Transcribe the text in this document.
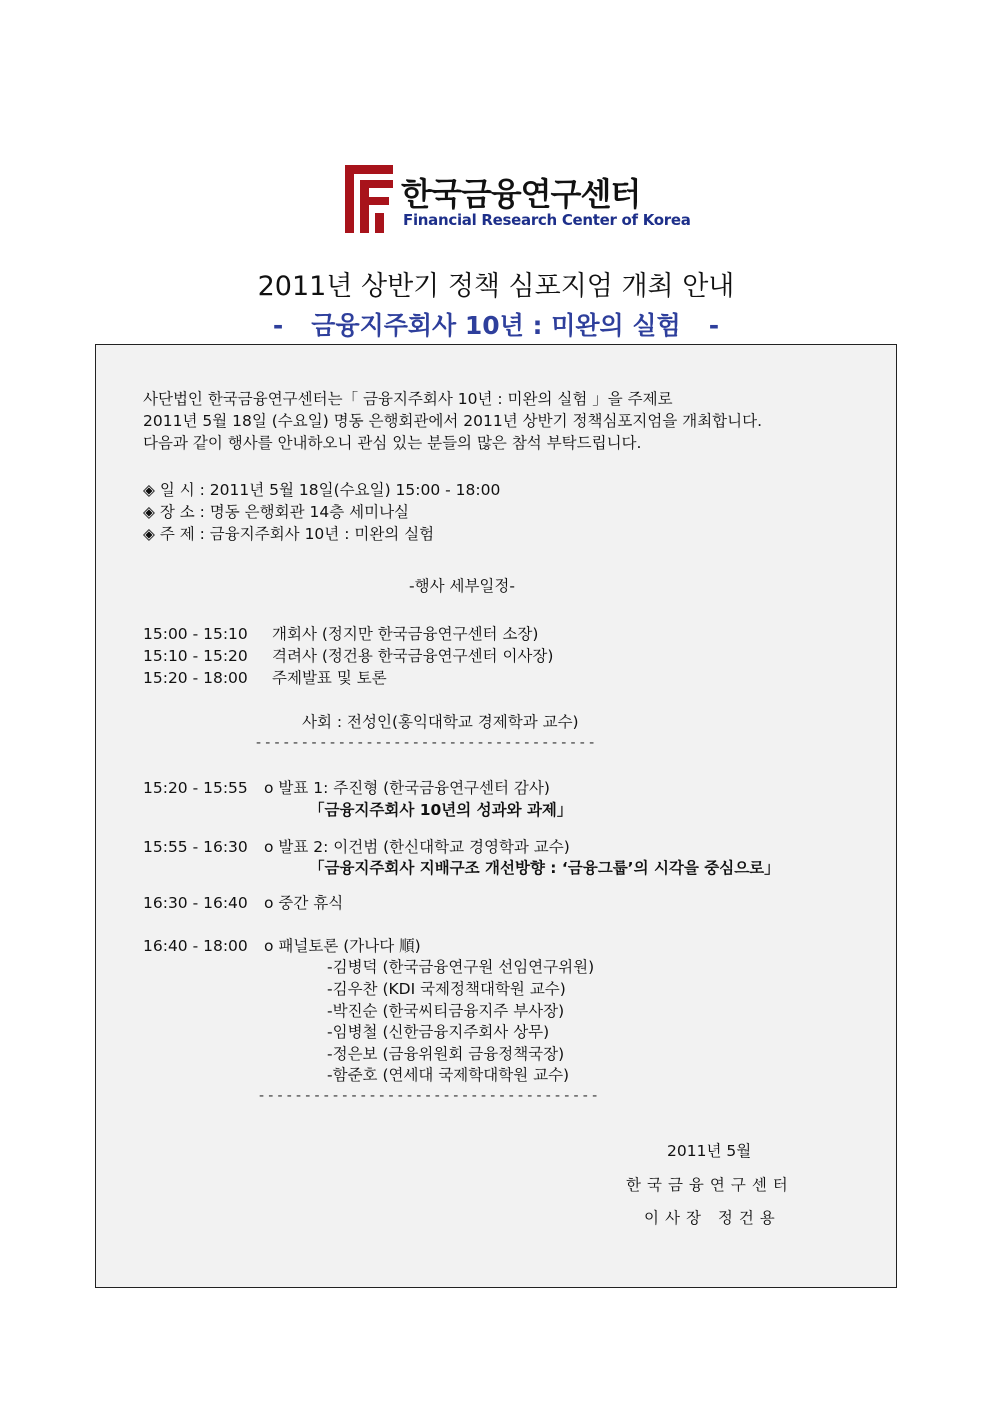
한국금융연구센터
Financial Research Center of Korea
2011년 상반기 정책 심포지엄 개최 안내
- 금융지주회사 10년 : 미완의 실험 -
사단법인 한국금융연구센터는「 금융지주회사 10년 : 미완의 실험 」을 주제로
2011년 5월 18일 (수요일) 명동 은행회관에서 2011년 상반기 정책심포지엄을 개최합니다.
다음과 같이 행사를 안내하오니 관심 있는 분들의 많은 참석 부탁드립니다.
◈ 일 시 : 2011년 5월 18일(수요일) 15:00 - 18:00
◈ 장 소 : 명동 은행회관 14층 세미나실
◈ 주 제 : 금융지주회사 10년 : 미완의 실험
-행사 세부일정-
15:00 - 15:10 개회사 (정지만 한국금융연구센터 소장)
15:10 - 15:20 격려사 (정건용 한국금융연구센터 이사장)
15:20 - 18:00 주제발표 및 토론
사회 : 전성인(홍익대학교 경제학과 교수)
-------------------------------------
15:20 - 15:55 o 발표 1: 주진형 (한국금융연구센터 감사)
「금융지주회사 10년의 성과와 과제」
15:55 - 16:30 o 발표 2: 이건범 (한신대학교 경영학과 교수)
「금융지주회사 지배구조 개선방향 : ‘금융그룹’의 시각을 중심으로」
16:30 - 16:40 o 중간 휴식
16:40 - 18:00 o 패널토론 (가나다 順)
-김병덕 (한국금융연구원 선임연구위원)
-김우찬 (KDI 국제정책대학원 교수)
-박진순 (한국씨티금융지주 부사장)
-임병철 (신한금융지주회사 상무)
-정은보 (금융위원회 금융정책국장)
-함준호 (연세대 국제학대학원 교수)
-------------------------------------
2011년 5월
한국금융연구센터
이사장 정건용
